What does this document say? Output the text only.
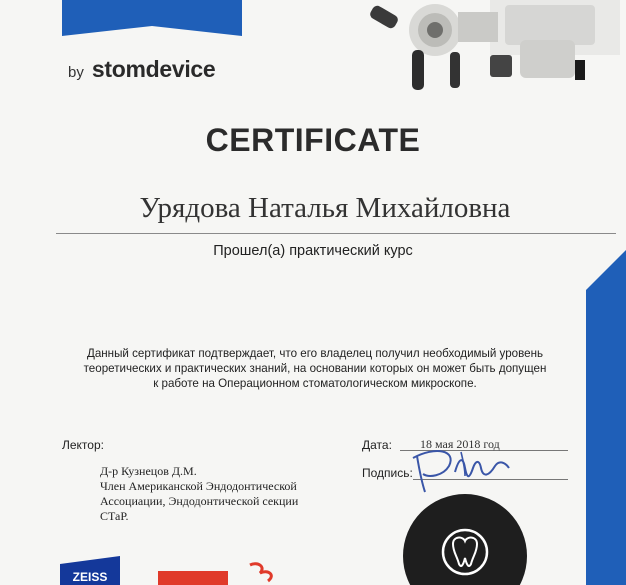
by stomdevice
CERTIFICATE
Урядова Наталья Михайловна
Прошел(а) практический курс
Данный сертификат подтверждает, что его владелец получил необходимый уровень
теоретических и практических знаний, на основании которых он может быть допущен
к работе на Операционном стоматологическом микроскопе.
Лектор:
Д-р Кузнецов Д.М.
Член Американской Эндодонтической
Ассоциации, Эндодонтической секции
СТаР.
Дата: 18 мая 2018 год
Подпись:
ZEISS
